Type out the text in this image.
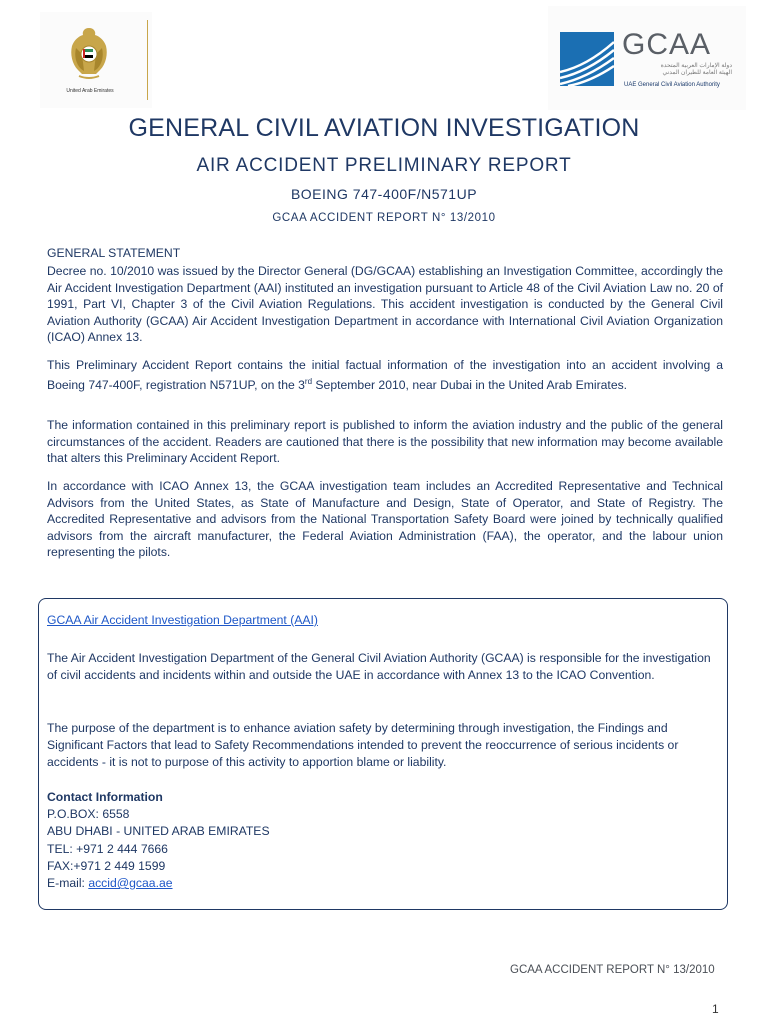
United Arab Emirates
GCAA
دولة الإمارات العربية المتحدة
الهيئة العامة للطيران المدني
UAE General Civil Aviation Authority
GENERAL CIVIL AVIATION INVESTIGATION
AIR ACCIDENT PRELIMINARY REPORT
BOEING 747-400F/N571UP
GCAA ACCIDENT REPORT N° 13/2010
GENERAL STATEMENT
Decree no. 10/2010 was issued by the Director General (DG/GCAA) establishing an Investigation Committee, accordingly the Air Accident Investigation Department (AAI) instituted an investigation pursuant to Article 48 of the Civil Aviation Law no. 20 of 1991, Part VI, Chapter 3 of the Civil Aviation Regulations. This accident investigation is conducted by the General Civil Aviation Authority (GCAA) Air Accident Investigation Department in accordance with International Civil Aviation Organization (ICAO) Annex 13.
This Preliminary Accident Report contains the initial factual information of the investigation into an accident involving a Boeing 747-400F, registration N571UP, on the 3rd September 2010, near Dubai in the United Arab Emirates.
The information contained in this preliminary report is published to inform the aviation industry and the public of the general circumstances of the accident. Readers are cautioned that there is the possibility that new information may become available that alters this Preliminary Accident Report.
In accordance with ICAO Annex 13, the GCAA investigation team includes an Accredited Representative and Technical Advisors from the United States, as State of Manufacture and Design, State of Operator, and State of Registry. The Accredited Representative and advisors from the National Transportation Safety Board were joined by technically qualified advisors from the aircraft manufacturer, the Federal Aviation Administration (FAA), the operator, and the labour union representing the pilots.
GCAA Air Accident Investigation Department (AAI)
The Air Accident Investigation Department of the General Civil Aviation Authority (GCAA) is responsible for the investigation of civil accidents and incidents within and outside the UAE in accordance with Annex 13 to the ICAO Convention.
The purpose of the department is to enhance aviation safety by determining through investigation, the Findings and Significant Factors that lead to Safety Recommendations intended to prevent the reoccurrence of serious incidents or accidents - it is not to purpose of this activity to apportion blame or liability.
Contact Information
P.O.BOX: 6558
ABU DHABI - UNITED ARAB EMIRATES
TEL: +971 2 444 7666
FAX:+971 2 449 1599
E-mail: accid@gcaa.ae
GCAA ACCIDENT REPORT N° 13/2010
1
